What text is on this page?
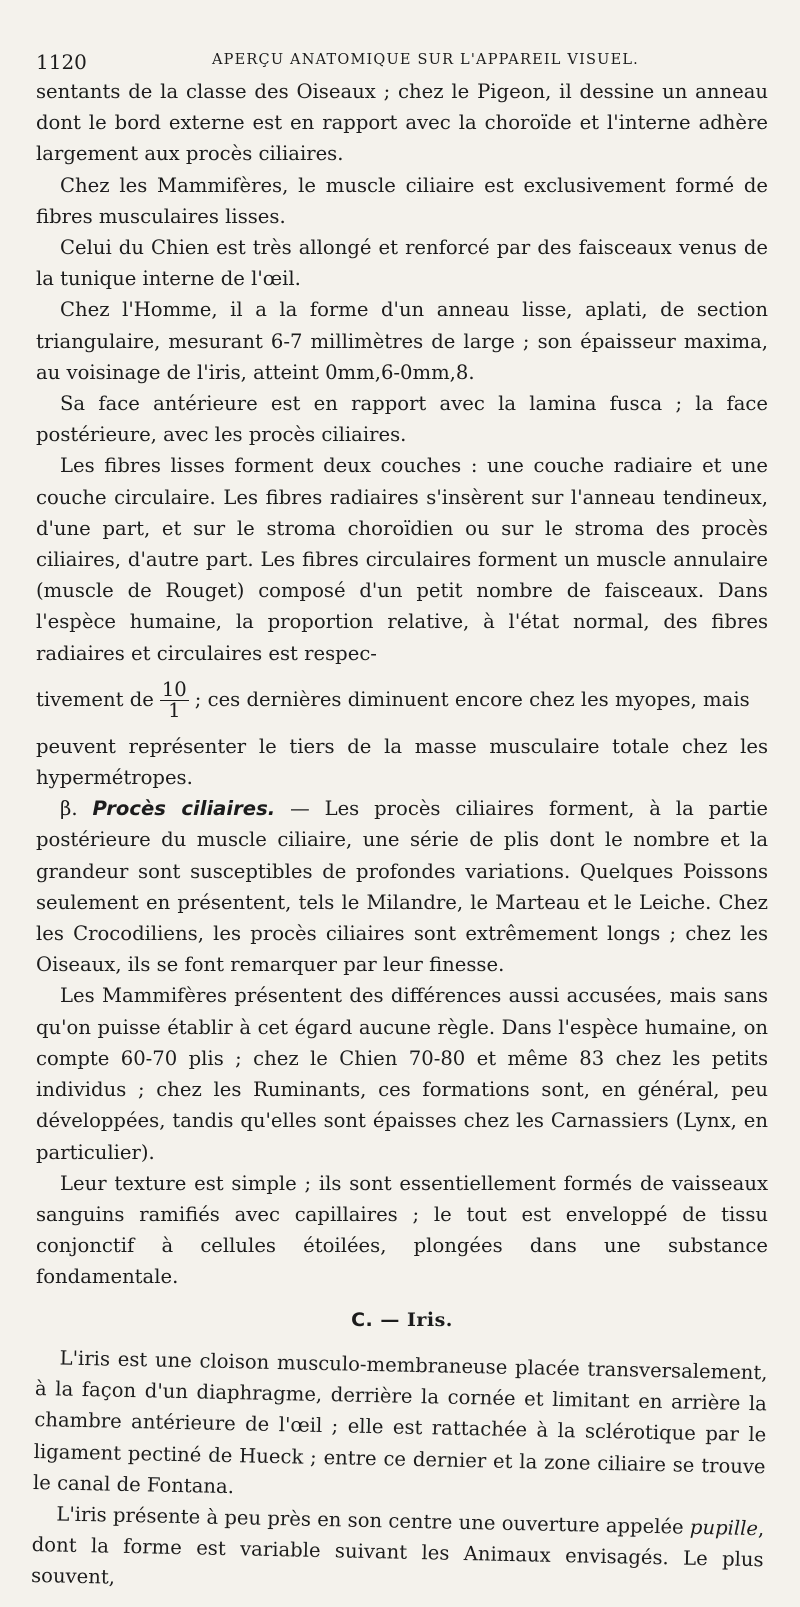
1120	APERÇU ANATOMIQUE SUR L'APPAREIL VISUEL.

sentants de la classe des Oiseaux ; chez le Pigeon, il dessine un anneau dont le bord externe est en rapport avec la choroïde et l'interne adhère largement aux procès ciliaires.

Chez les Mammifères, le muscle ciliaire est exclusivement formé de fibres musculaires lisses.

Celui du Chien est très allongé et renforcé par des faisceaux venus de la tunique interne de l'œil.

Chez l'Homme, il a la forme d'un anneau lisse, aplati, de section triangulaire, mesurant 6-7 millimètres de large ; son épaisseur maxima, au voisinage de l'iris, atteint 0mm,6-0mm,8.

Sa face antérieure est en rapport avec la lamina fusca ; la face postérieure, avec les procès ciliaires.

Les fibres lisses forment deux couches : une couche radiaire et une couche circulaire. Les fibres radiaires s'insèrent sur l'anneau tendineux, d'une part, et sur le stroma choroïdien ou sur le stroma des procès ciliaires, d'autre part. Les fibres circulaires forment un muscle annulaire (muscle de Rouget) composé d'un petit nombre de faisceaux. Dans l'espèce humaine, la proportion relative, à l'état normal, des fibres radiaires et circulaires est respec-

tivement de $\frac{10}{1}$ ; ces dernières diminuent encore chez les myopes, mais

peuvent représenter le tiers de la masse musculaire totale chez les hypermétropes.

β. Procès ciliaires. — Les procès ciliaires forment, à la partie postérieure du muscle ciliaire, une série de plis dont le nombre et la grandeur sont susceptibles de profondes variations. Quelques Poissons seulement en présentent, tels le Milandre, le Marteau et le Leiche. Chez les Crocodiliens, les procès ciliaires sont extrêmement longs ; chez les Oiseaux, ils se font remarquer par leur finesse.

Les Mammifères présentent des différences aussi accusées, mais sans qu'on puisse établir à cet égard aucune règle. Dans l'espèce humaine, on compte 60-70 plis ; chez le Chien 70-80 et même 83 chez les petits individus ; chez les Ruminants, ces formations sont, en général, peu développées, tandis qu'elles sont épaisses chez les Carnassiers (Lynx, en particulier).

Leur texture est simple ; ils sont essentiellement formés de vaisseaux sanguins ramifiés avec capillaires ; le tout est enveloppé de tissu conjonctif à cellules étoilées, plongées dans une substance fondamentale.

C. — Iris.

L'iris est une cloison musculo-membraneuse placée transversalement, à la façon d'un diaphragme, derrière la cornée et limitant en arrière la chambre antérieure de l'œil ; elle est rattachée à la sclérotique par le ligament pectiné de Hueck ; entre ce dernier et la zone ciliaire se trouve le canal de Fontana.

L'iris présente à peu près en son centre une ouverture appelée pupille, dont la forme est variable suivant les Animaux envisagés. Le plus souvent,
